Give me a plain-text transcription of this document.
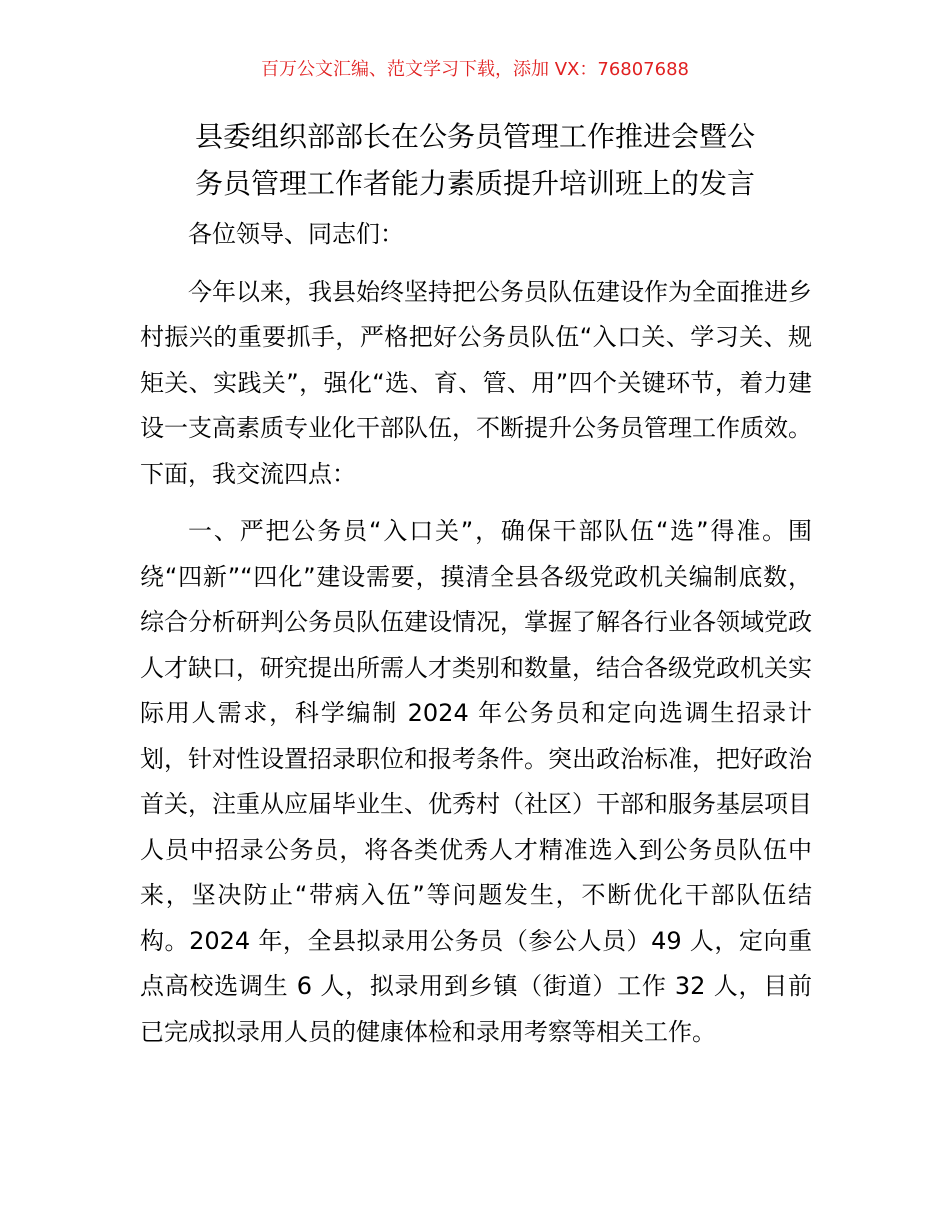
百万公文汇编、范文学习下载，添加 VX：76807688
县委组织部部长在公务员管理工作推进会暨公
务员管理工作者能力素质提升培训班上的发言

各位领导、同志们：

今年以来，我县始终坚持把公务员队伍建设作为全面推进乡村振兴的重要抓手，严格把好公务员队伍“入口关、学习关、规矩关、实践关”，强化“选、育、管、用”四个关键环节，着力建设一支高素质专业化干部队伍，不断提升公务员管理工作质效。下面，我交流四点：

一、严把公务员“入口关”，确保干部队伍“选”得准。围绕“四新”“四化”建设需要，摸清全县各级党政机关编制底数，综合分析研判公务员队伍建设情况，掌握了解各行业各领域党政人才缺口，研究提出所需人才类别和数量，结合各级党政机关实际用人需求，科学编制 2024 年公务员和定向选调生招录计划，针对性设置招录职位和报考条件。突出政治标准，把好政治首关，注重从应届毕业生、优秀村（社区）干部和服务基层项目人员中招录公务员，将各类优秀人才精准选入到公务员队伍中来，坚决防止“带病入伍”等问题发生，不断优化干部队伍结构。2024 年，全县拟录用公务员（参公人员）49 人，定向重点高校选调生 6 人，拟录用到乡镇（街道）工作 32 人，目前已完成拟录用人员的健康体检和录用考察等相关工作。
